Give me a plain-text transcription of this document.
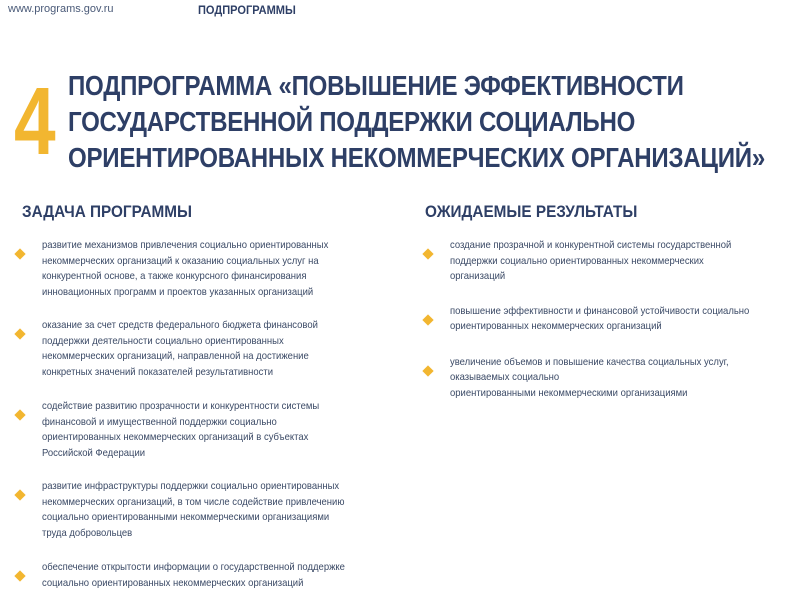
www.programs.gov.ru	ПОДПРОГРАММЫ
4 ПОДПРОГРАММА «ПОВЫШЕНИЕ ЭФФЕКТИВНОСТИ
ГОСУДАРСТВЕННОЙ ПОДДЕРЖКИ СОЦИАЛЬНО
ОРИЕНТИРОВАННЫХ НЕКОММЕРЧЕСКИХ ОРГАНИЗАЦИЙ»
ЗАДАЧА ПРОГРАММЫ	ОЖИДАЕМЫЕ РЕЗУЛЬТАТЫ
развитие механизмов привлечения социально ориентированных
некоммерческих организаций к оказанию социальных услуг на
конкурентной основе, а также конкурсного финансирования
инновационных программ и проектов указанных организаций
оказание за счет средств федерального бюджета финансовой
поддержки деятельности социально ориентированных
некоммерческих организаций, направленной на достижение
конкретных значений показателей результативности
содействие развитию прозрачности и конкурентности системы
финансовой и имущественной поддержки социально
ориентированных некоммерческих организаций в субъектах
Российской Федерации
развитие инфраструктуры поддержки социально ориентированных
некоммерческих организаций, в том числе содействие привлечению
социально ориентированными некоммерческими организациями
труда добровольцев
обеспечение открытости информации о государственной поддержке
социально ориентированных некоммерческих организаций
создание прозрачной и конкурентной системы государственной
поддержки социально ориентированных некоммерческих
организаций
повышение эффективности и финансовой устойчивости социально
ориентированных некоммерческих организаций
увеличение объемов и повышение качества социальных услуг,
оказываемых социально
ориентированными некоммерческими организациями
